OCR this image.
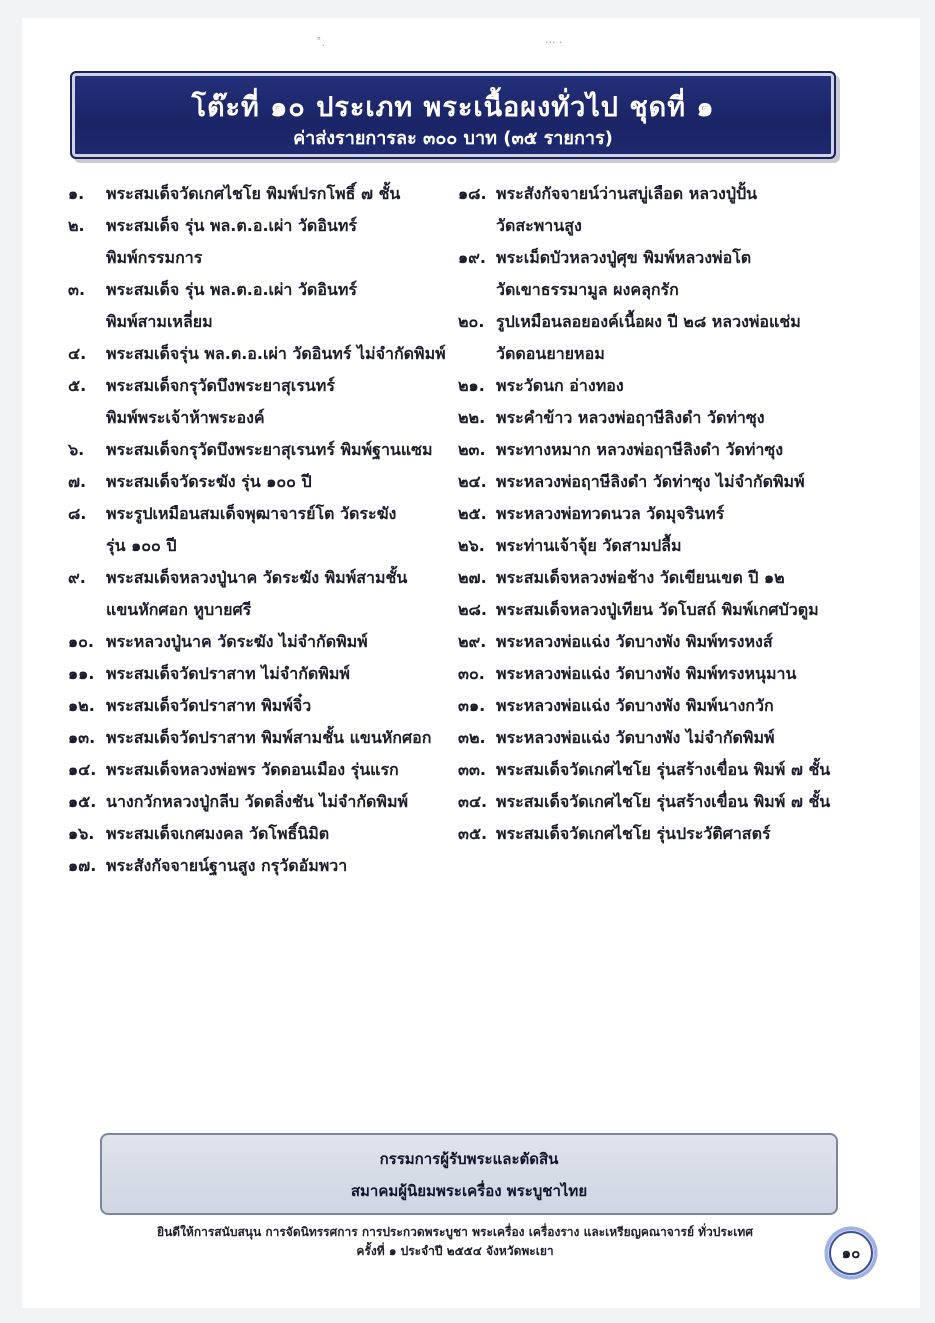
˚.	··· ·
โต๊ะที่ ๑๐ ประเภท พระเนื้อผงทั่วไป ชุดที่ ๑
ค่าส่งรายการละ ๓๐๐ บาท (๓๕ รายการ)
๑.	พระสมเด็จวัดเกศไชโย พิมพ์ปรกโพธิ์ ๗ ชั้น
๒.	พระสมเด็จ รุ่น พล.ต.อ.เผ่า วัดอินทร์
พิมพ์กรรมการ
๓.	พระสมเด็จ รุ่น พล.ต.อ.เผ่า วัดอินทร์
พิมพ์สามเหลี่ยม
๔.	พระสมเด็จรุ่น พล.ต.อ.เผ่า วัดอินทร์ ไม่จำกัดพิมพ์
๕.	พระสมเด็จกรุวัดบึงพระยาสุเรนทร์
พิมพ์พระเจ้าห้าพระองค์
๖.	พระสมเด็จกรุวัดบึงพระยาสุเรนทร์ พิมพ์ฐานแซม
๗.	พระสมเด็จวัดระฆัง รุ่น ๑๐๐ ปี
๘.	พระรูปเหมือนสมเด็จพุฒาจารย์โต วัดระฆัง
รุ่น ๑๐๐ ปี
๙.	พระสมเด็จหลวงปู่นาค วัดระฆัง พิมพ์สามชั้น
แขนหักศอก หูบายศรี
๑๐. พระหลวงปู่นาค วัดระฆัง ไม่จำกัดพิมพ์
๑๑. พระสมเด็จวัดปราสาท ไม่จำกัดพิมพ์
๑๒. พระสมเด็จวัดปราสาท พิมพ์จิ๋ว
๑๓. พระสมเด็จวัดปราสาท พิมพ์สามชั้น แขนหักศอก
๑๔. พระสมเด็จหลวงพ่อพร วัดดอนเมือง รุ่นแรก
๑๕. นางกวักหลวงปู่กลีบ วัดตลิ่งชัน ไม่จำกัดพิมพ์
๑๖. พระสมเด็จเกศมงคล วัดโพธิ์นิมิต
๑๗. พระสังกัจจายน์ฐานสูง กรุวัดอัมพวา
๑๘. พระสังกัจจายน์ว่านสบู่เลือด หลวงปู่ปั้น
วัดสะพานสูง
๑๙. พระเม็ดบัวหลวงปู่ศุข พิมพ์หลวงพ่อโต
วัดเขาธรรมามูล ผงคลุกรัก
๒๐. รูปเหมือนลอยองค์เนื้อผง ปี ๒๘ หลวงพ่อแช่ม
วัดดอนยายหอม
๒๑. พระวัดนก อ่างทอง
๒๒. พระคำข้าว หลวงพ่อฤาษีลิงดำ วัดท่าซุง
๒๓. พระทางหมาก หลวงพ่อฤาษีลิงดำ วัดท่าซุง
๒๔. พระหลวงพ่อฤาษีลิงดำ วัดท่าซุง ไม่จำกัดพิมพ์
๒๕. พระหลวงพ่อทวดนวล วัดมุจรินทร์
๒๖. พระท่านเจ้าจุ้ย วัดสามปลื้ม
๒๗. พระสมเด็จหลวงพ่อช้าง วัดเขียนเขต ปี ๑๒
๒๘. พระสมเด็จหลวงปู่เทียน วัดโบสถ์ พิมพ์เกศบัวตูม
๒๙. พระหลวงพ่อแฉ่ง วัดบางพัง พิมพ์ทรงหงส์
๓๐. พระหลวงพ่อแฉ่ง วัดบางพัง พิมพ์ทรงหนุมาน
๓๑. พระหลวงพ่อแฉ่ง วัดบางพัง พิมพ์นางกวัก
๓๒. พระหลวงพ่อแฉ่ง วัดบางพัง ไม่จำกัดพิมพ์
๓๓. พระสมเด็จวัดเกศไชโย รุ่นสร้างเขื่อน พิมพ์ ๗ ชั้น
๓๔. พระสมเด็จวัดเกศไชโย รุ่นสร้างเขื่อน พิมพ์ ๗ ชั้น
๓๕. พระสมเด็จวัดเกศไชโย รุ่นประวัติศาสตร์
กรรมการผู้รับพระและตัดสิน
สมาคมผู้นิยมพระเครื่อง พระบูชาไทย
ยินดีให้การสนับสนุน การจัดนิทรรศการ การประกวดพระบูชา พระเครื่อง เครื่องราง และเหรียญคณาจารย์ ทั่วประเทศ
ครั้งที่ ๑ ประจำปี ๒๕๕๔ จังหวัดพะเยา	๑๐
